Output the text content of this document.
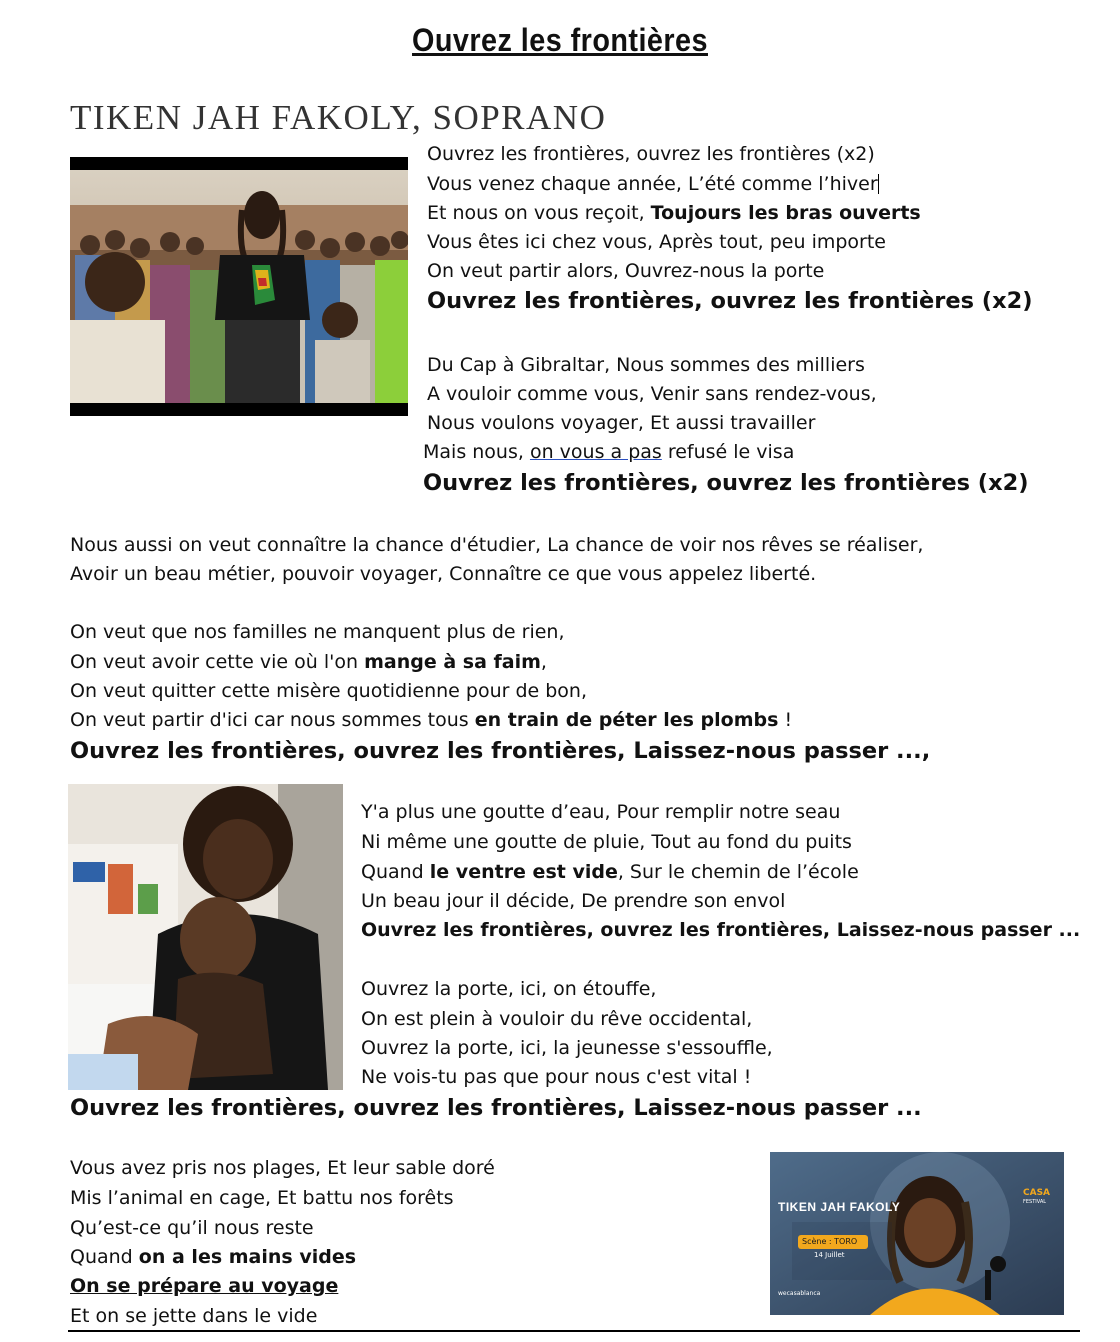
Ouvrez les frontières
TIKEN JAH FAKOLY, SOPRANO
Ouvrez les frontières, ouvrez les frontières (x2)
Vous venez chaque année, L’été comme l’hiver
Et nous on vous reçoit, Toujours les bras ouverts
Vous êtes ici chez vous, Après tout, peu importe
On veut partir alors, Ouvrez-nous la porte
Ouvrez les frontières, ouvrez les frontières (x2)
Du Cap à Gibraltar, Nous sommes des milliers
A vouloir comme vous, Venir sans rendez-vous,
Nous voulons voyager, Et aussi travailler
Mais nous, on vous a pas refusé le visa
Ouvrez les frontières, ouvrez les frontières (x2)
Nous aussi on veut connaître la chance d'étudier, La chance de voir nos rêves se réaliser,
Avoir un beau métier, pouvoir voyager, Connaître ce que vous appelez liberté.
On veut que nos familles ne manquent plus de rien,
On veut avoir cette vie où l'on mange à sa faim,
On veut quitter cette misère quotidienne pour de bon,
On veut partir d'ici car nous sommes tous en train de péter les plombs !
Ouvrez les frontières, ouvrez les frontières, Laissez-nous passer ...,
Y'a plus une goutte d’eau, Pour remplir notre seau
Ni même une goutte de pluie, Tout au fond du puits
Quand le ventre est vide, Sur le chemin de l’école
Un beau jour il décide, De prendre son envol
Ouvrez les frontières, ouvrez les frontières, Laissez-nous passer ...
Ouvrez la porte, ici, on étouffe,
On est plein à vouloir du rêve occidental,
Ouvrez la porte, ici, la jeunesse s'essouffle,
Ne vois-tu pas que pour nous c'est vital !
Ouvrez les frontières, ouvrez les frontières, Laissez-nous passer ...
Vous avez pris nos plages, Et leur sable doré
Mis l’animal en cage, Et battu nos forêts
Qu’est-ce qu’il nous reste
Quand on a les mains vides
On se prépare au voyage
Et on se jette dans le vide
TIKEN JAH FAKOLY
Scène : TORO
14 Juillet
wecasablanca
CASA
FESTIVAL
